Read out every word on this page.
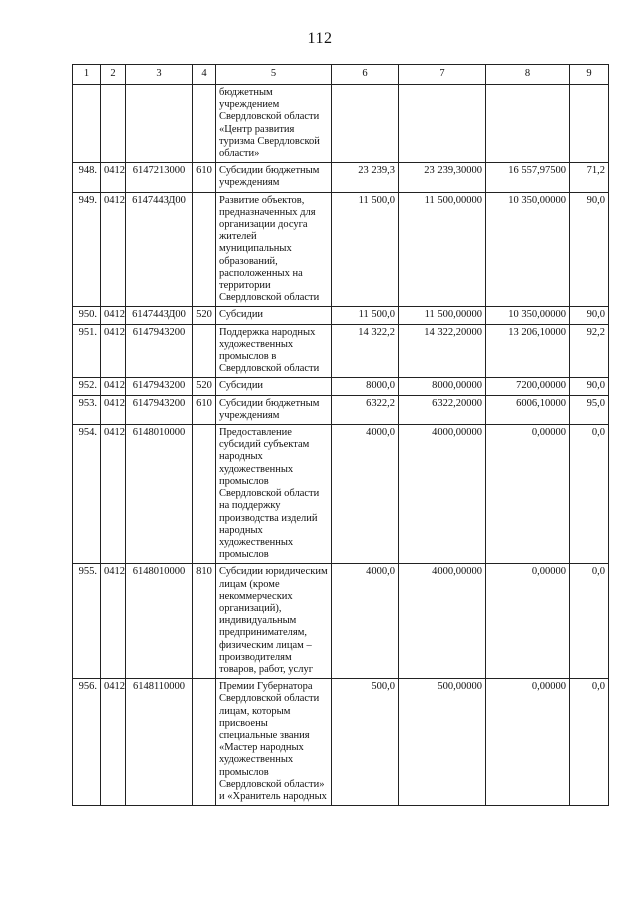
112
1	2	3	4	5	6	7	8	9
				бюджетным учреждением Свердловской области «Центр развития туризма Свердловской области»				
948.	0412	6147213000	610	Субсидии бюджетным учреждениям	23 239,3	23 239,30000	16 557,97500	71,2
949.	0412	614744ЗД00		Развитие объектов, предназначенных для организации досуга жителей муниципальных образований, расположенных на территории Свердловской области	11 500,0	11 500,00000	10 350,00000	90,0
950.	0412	614744ЗД00	520	Субсидии	11 500,0	11 500,00000	10 350,00000	90,0
951.	0412	6147943200		Поддержка народных художественных промыслов в Свердловской области	14 322,2	14 322,20000	13 206,10000	92,2
952.	0412	6147943200	520	Субсидии	8000,0	8000,00000	7200,00000	90,0
953.	0412	6147943200	610	Субсидии бюджетным учреждениям	6322,2	6322,20000	6006,10000	95,0
954.	0412	6148010000		Предоставление субсидий субъектам народных художественных промыслов Свердловской области на поддержку производства изделий народных художественных промыслов	4000,0	4000,00000	0,00000	0,0
955.	0412	6148010000	810	Субсидии юридическим лицам (кроме некоммерческих организаций), индивидуальным предпринимателям, физическим лицам – производителям товаров, работ, услуг	4000,0	4000,00000	0,00000	0,0
956.	0412	6148110000		Премии Губернатора Свердловской области лицам, которым присвоены специальные звания «Мастер народных художественных промыслов Свердловской области» и «Хранитель народных	500,0	500,00000	0,00000	0,0
